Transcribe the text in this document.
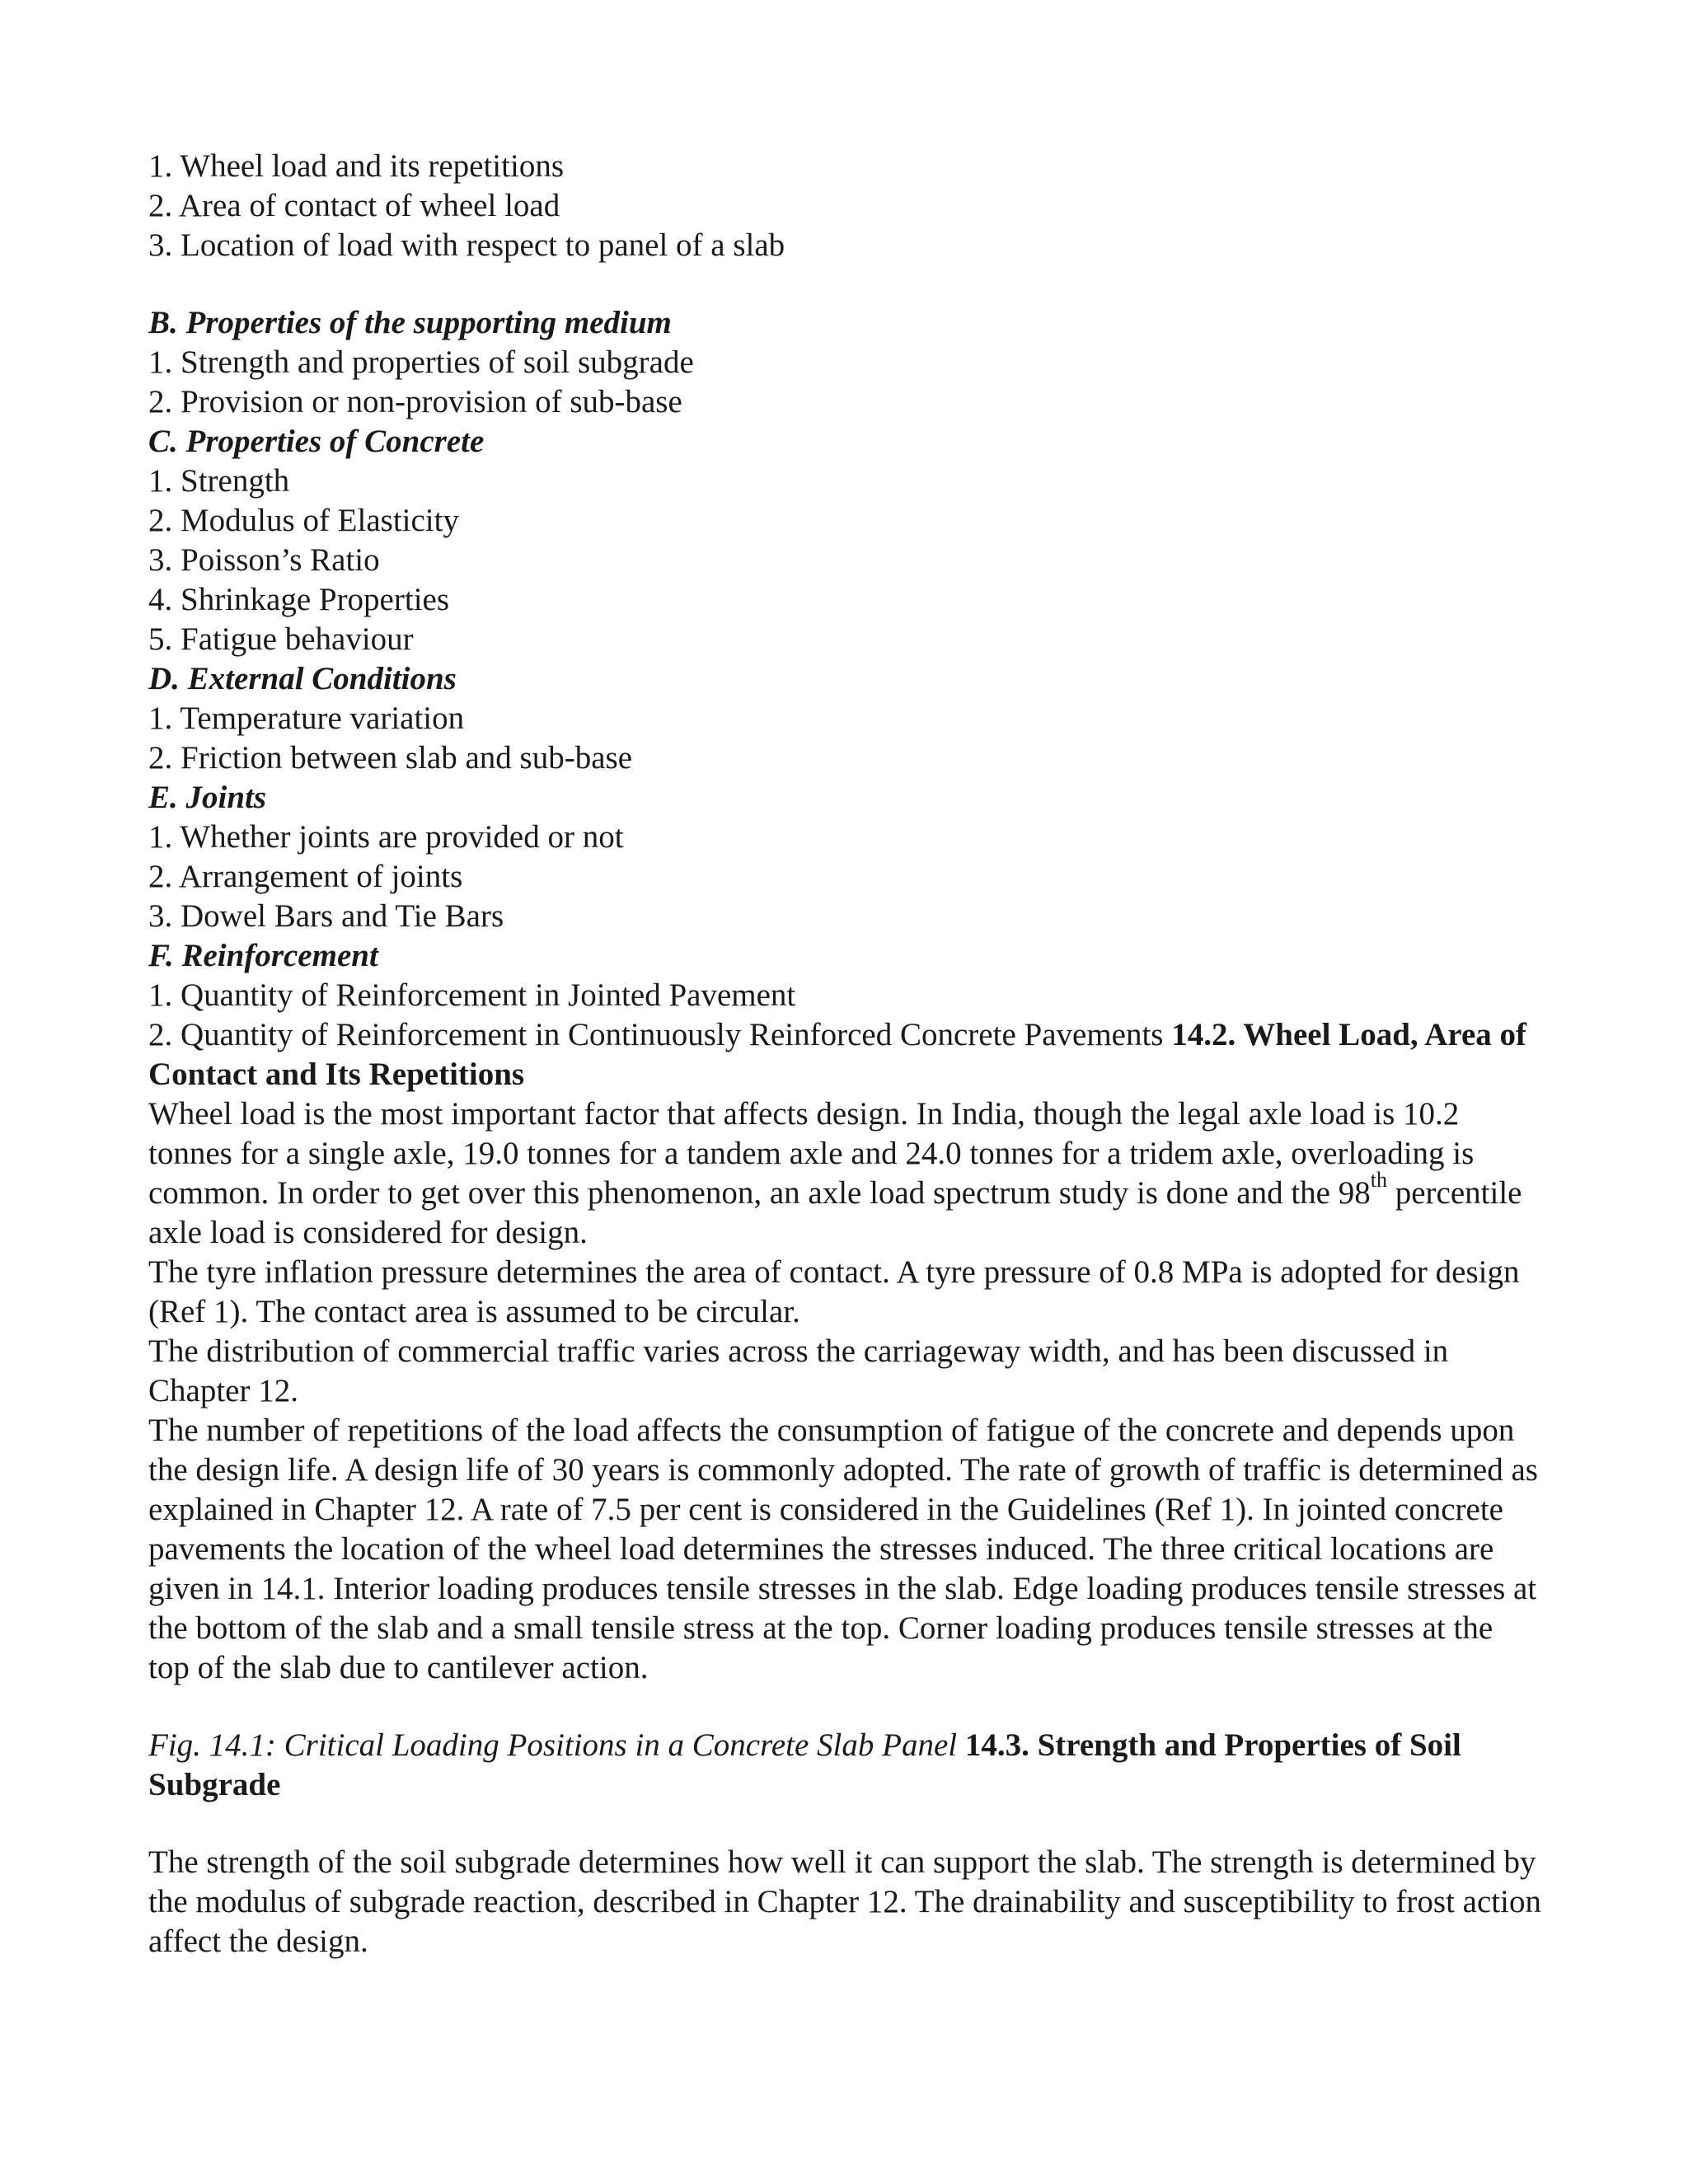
1. Wheel load and its repetitions
2. Area of contact of wheel load
3. Location of load with respect to panel of a slab
B. Properties of the supporting medium
1. Strength and properties of soil subgrade
2. Provision or non-provision of sub-base
C. Properties of Concrete
1. Strength
2. Modulus of Elasticity
3. Poisson’s Ratio
4. Shrinkage Properties
5. Fatigue behaviour
D. External Conditions
1. Temperature variation
2. Friction between slab and sub-base
E. Joints
1. Whether joints are provided or not
2. Arrangement of joints
3. Dowel Bars and Tie Bars
F. Reinforcement
1. Quantity of Reinforcement in Jointed Pavement

2. Quantity of Reinforcement in Continuously Reinforced Concrete Pavements 14.2. Wheel Load, Area of Contact and Its Repetitions

Wheel load is the most important factor that affects design. In India, though the legal axle load is 10.2 tonnes for a single axle, 19.0 tonnes for a tandem axle and 24.0 tonnes for a tridem axle, overloading is common. In order to get over this phenomenon, an axle load spectrum study is done and the 98th percentile axle load is considered for design.

The tyre inflation pressure determines the area of contact. A tyre pressure of 0.8 MPa is adopted for design (Ref 1). The contact area is assumed to be circular.

The distribution of commercial traffic varies across the carriageway width, and has been discussed in Chapter 12.

The number of repetitions of the load affects the consumption of fatigue of the concrete and depends upon the design life. A design life of 30 years is commonly adopted. The rate of growth of traffic is determined as explained in Chapter 12. A rate of 7.5 per cent is considered in the Guidelines (Ref 1). In jointed concrete pavements the location of the wheel load determines the stresses induced. The three critical locations are given in 14.1. Interior loading produces tensile stresses in the slab. Edge loading produces tensile stresses at the bottom of the slab and a small tensile stress at the top. Corner loading produces tensile stresses at the top of the slab due to cantilever action.

Fig. 14.1: Critical Loading Positions in a Concrete Slab Panel 14.3. Strength and Properties of Soil Subgrade

The strength of the soil subgrade determines how well it can support the slab. The strength is determined by the modulus of subgrade reaction, described in Chapter 12. The drainability and susceptibility to frost action affect the design.
